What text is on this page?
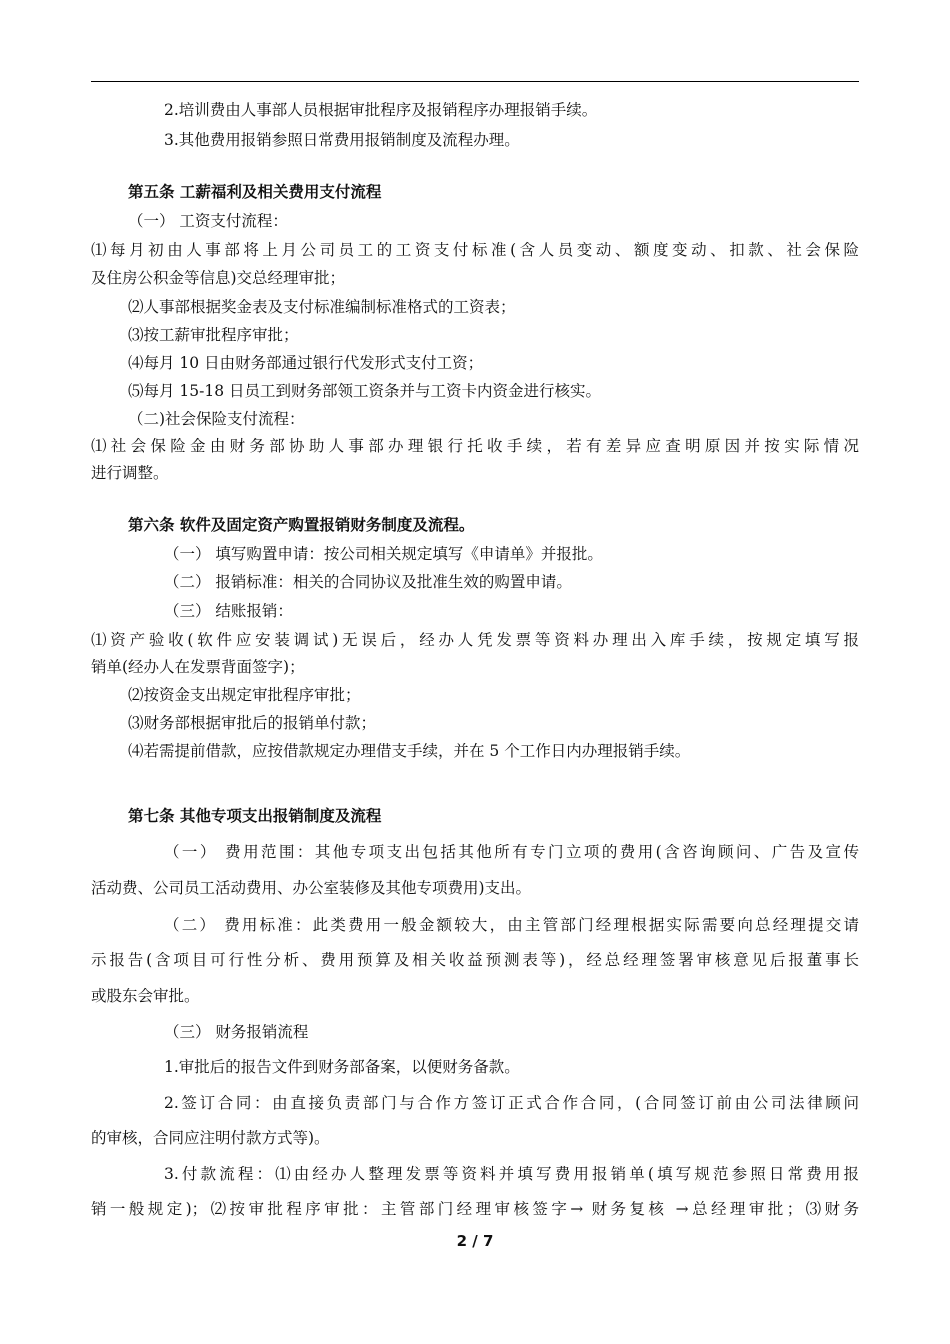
2.培训费由人事部人员根据审批程序及报销程序办理报销手续。
3.其他费用报销参照日常费用报销制度及流程办理。
第五条 工薪福利及相关费用支付流程
（一） 工资支付流程：
⑴每月初由人事部将上月公司员工的工资支付标准(含人员变动、额度变动、扣款、社会保险
及住房公积金等信息)交总经理审批；
⑵人事部根据奖金表及支付标准编制标准格式的工资表；
⑶按工薪审批程序审批；
⑷每月 10 日由财务部通过银行代发形式支付工资；
⑸每月 15-18 日员工到财务部领工资条并与工资卡内资金进行核实。
（二)社会保险支付流程：
⑴社会保险金由财务部协助人事部办理银行托收手续，若有差异应查明原因并按实际情况
进行调整。
第六条 软件及固定资产购置报销财务制度及流程。
（一） 填写购置申请：按公司相关规定填写《申请单》并报批。
（二） 报销标准：相关的合同协议及批准生效的购置申请。
（三） 结账报销：
⑴资产验收(软件应安装调试)无误后，经办人凭发票等资料办理出入库手续，按规定填写报
销单(经办人在发票背面签字)；
⑵按资金支出规定审批程序审批；
⑶财务部根据审批后的报销单付款；
⑷若需提前借款，应按借款规定办理借支手续，并在 5 个工作日内办理报销手续。
第七条 其他专项支出报销制度及流程
（一） 费用范围：其他专项支出包括其他所有专门立项的费用(含咨询顾问、广告及宣传
活动费、公司员工活动费用、办公室装修及其他专项费用)支出。
（二） 费用标准：此类费用一般金额较大，由主管部门经理根据实际需要向总经理提交请
示报告(含项目可行性分析、费用预算及相关收益预测表等)，经总经理签署审核意见后报董事长
或股东会审批。
（三） 财务报销流程
1.审批后的报告文件到财务部备案，以便财务备款。
2.签订合同：由直接负责部门与合作方签订正式合作合同，(合同签订前由公司法律顾问
的审核，合同应注明付款方式等)。
3.付款流程：⑴由经办人整理发票等资料并填写费用报销单(填写规范参照日常费用报
销一般规定)；⑵按审批程序审批：主管部门经理审核签字→ 财务复核 →总经理审批；⑶财务
2 / 7
